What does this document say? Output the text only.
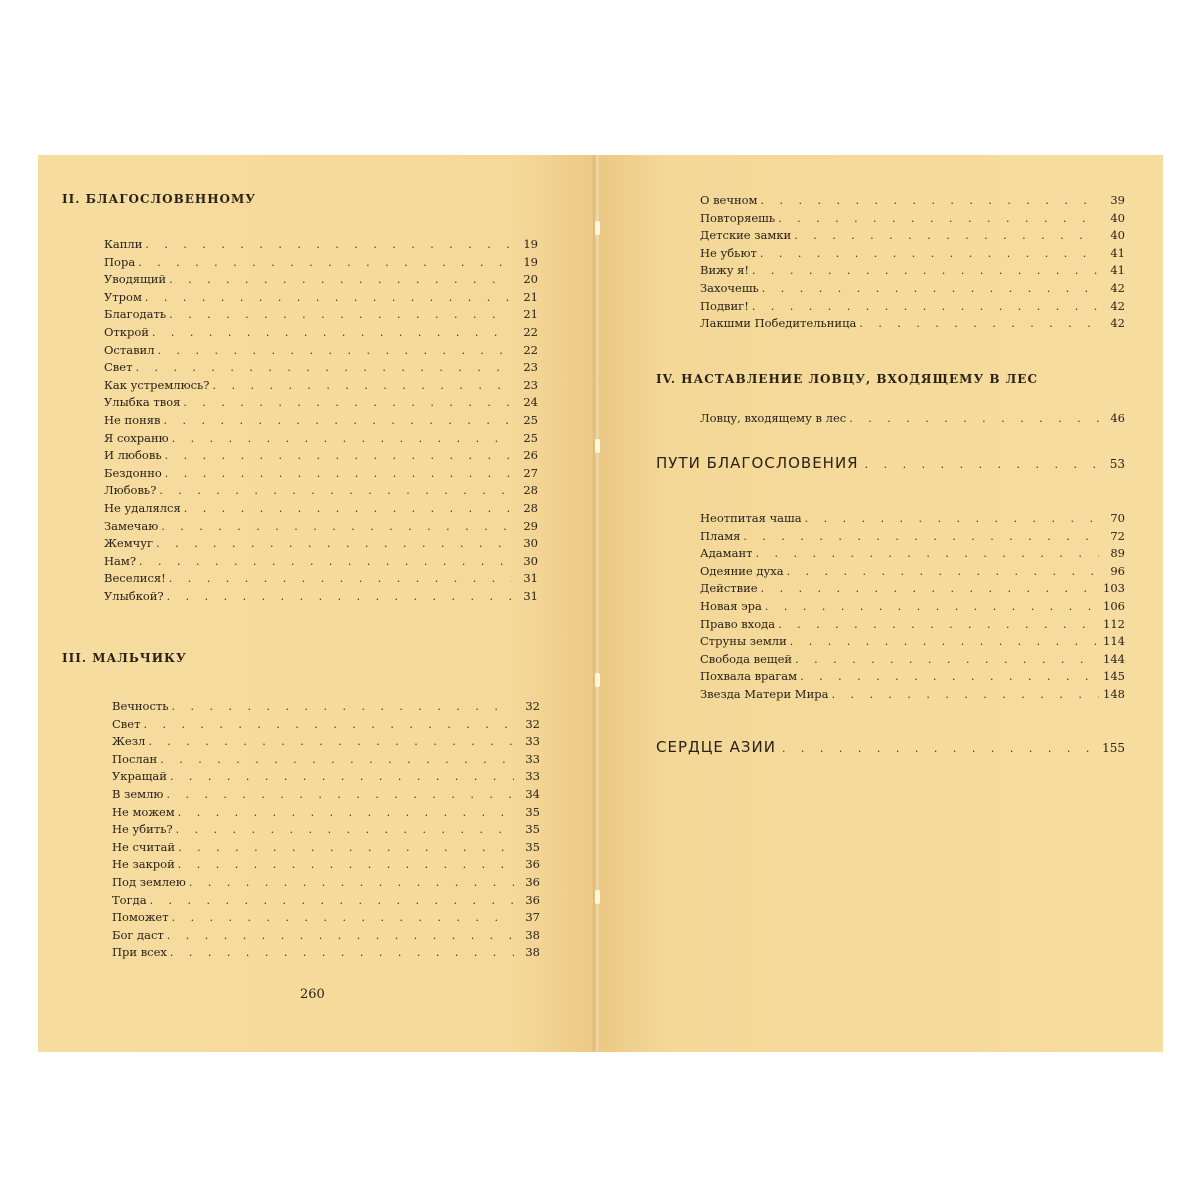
II. БЛАГОСЛОВЕННОМУ
Капли . . .	19
Пора . . .	19
Уводящий . . .	20
Утром . . .	21
Благодать . . .	21
Открой . . .	22
Оставил . . .	22
Свет . . .	23
Как устремлюсь? . . .	23
Улыбка твоя . . .	24
Не поняв . . .	25
Я сохраню . . .	25
И любовь . . .	26
Бездонно . . .	27
Любовь? . . .	28
Не удалялся . . .	28
Замечаю . . .	29
Жемчуг . . .	30
Нам? . . .	30
Веселися! . . .	31
Улыбкой? . . .	31
III. МАЛЬЧИКУ
Вечность . . .	32
Свет . . .	32
Жезл . . .	33
Послан . . .	33
Укращай . . .	33
В землю . . .	34
Не можем . . .	35
Не убить? . . .	35
Не считай . . .	35
Не закрой . . .	36
Под землею . . .	36
Тогда . . .	36
Поможет . . .	37
Бог даст . . .	38
При всех . . .	38
260
О вечном . . .	39
Повторяешь . . .	40
Детские замки . . .	40
Не убьют . . .	41
Вижу я! . . .	41
Захочешь . . .	42
Подвиг! . . .	42
Лакшми Победительница . . .	42
IV. НАСТАВЛЕНИЕ ЛОВЦУ, ВХОДЯЩЕМУ В ЛЕС
Ловцу, входящему в лес . . .	46
ПУТИ БЛАГОСЛОВЕНИЯ . . .	53
Неотпитая чаша . . .	70
Пламя . . .	72
Адамант . . .	89
Одеяние духа . . .	96
Действие . . .	103
Новая эра . . .	106
Право входа . . .	112
Струны земли . . .	114
Свобода вещей . . .	144
Похвала врагам . . .	145
Звезда Матери Мира . . .	148
СЕРДЦЕ АЗИИ . . .	155
